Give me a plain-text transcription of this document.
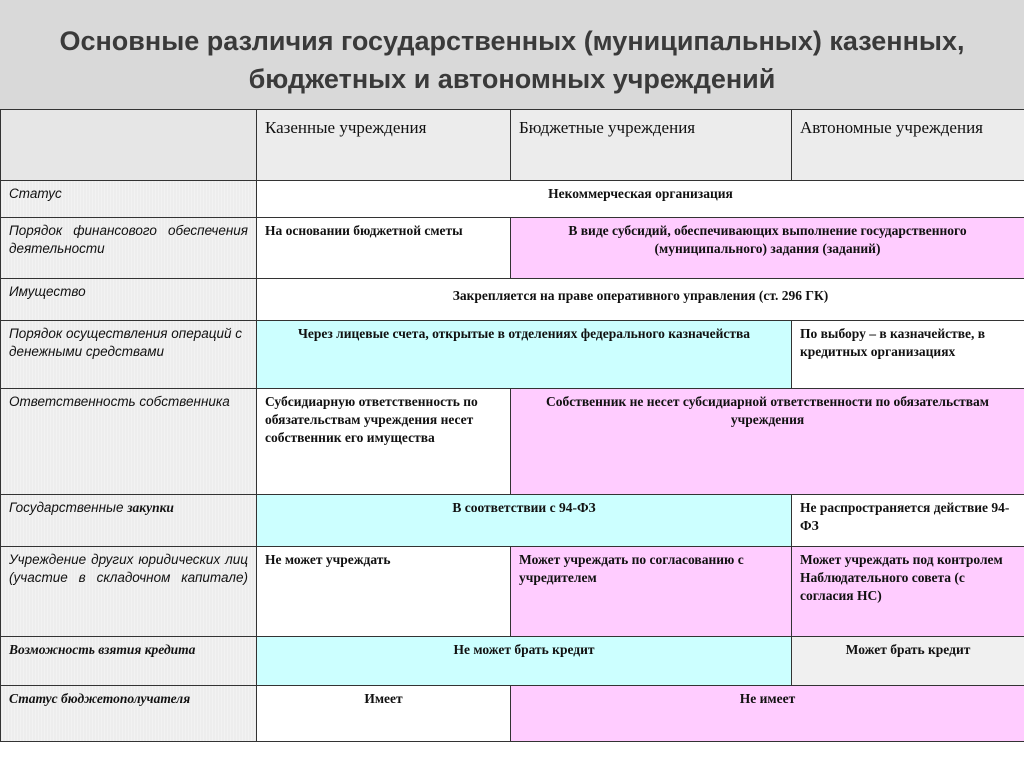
Основные различия государственных (муниципальных) казенных,
бюджетных и автономных учреждений
	Казенные учреждения	Бюджетные учреждения	Автономные учреждения
Статус	Некоммерческая организация		
Порядок финансового обеспечения деятельности	На основании бюджетной сметы	В виде субсидий, обеспечивающих выполнение государственного (муниципального) задания (заданий)	
Имущество	Закрепляется на праве оперативного управления (ст. 296 ГК)		
Порядок осуществления операций с денежными средствами	Через лицевые счета, открытые в отделениях федерального казначейства		По выбору – в казначействе, в кредитных организациях
Ответственность собственника	Субсидиарную ответственность по обязательствам учреждения несет собственник его имущества	Собственник не несет субсидиарной ответственности по обязательствам учреждения	
Государственные закупки	В соответствии с 94-ФЗ		Не распространяется действие 94-ФЗ
Учреждение других юридических лиц (участие в складочном капитале)	Не может учреждать	Может учреждать по согласованию с учредителем	Может учреждать под контролем Наблюдательного совета (с согласия НС)
Возможность взятия кредита	Не может брать кредит		Может брать кредит
Статус бюджетополучателя	Имеет	Не имеет	
